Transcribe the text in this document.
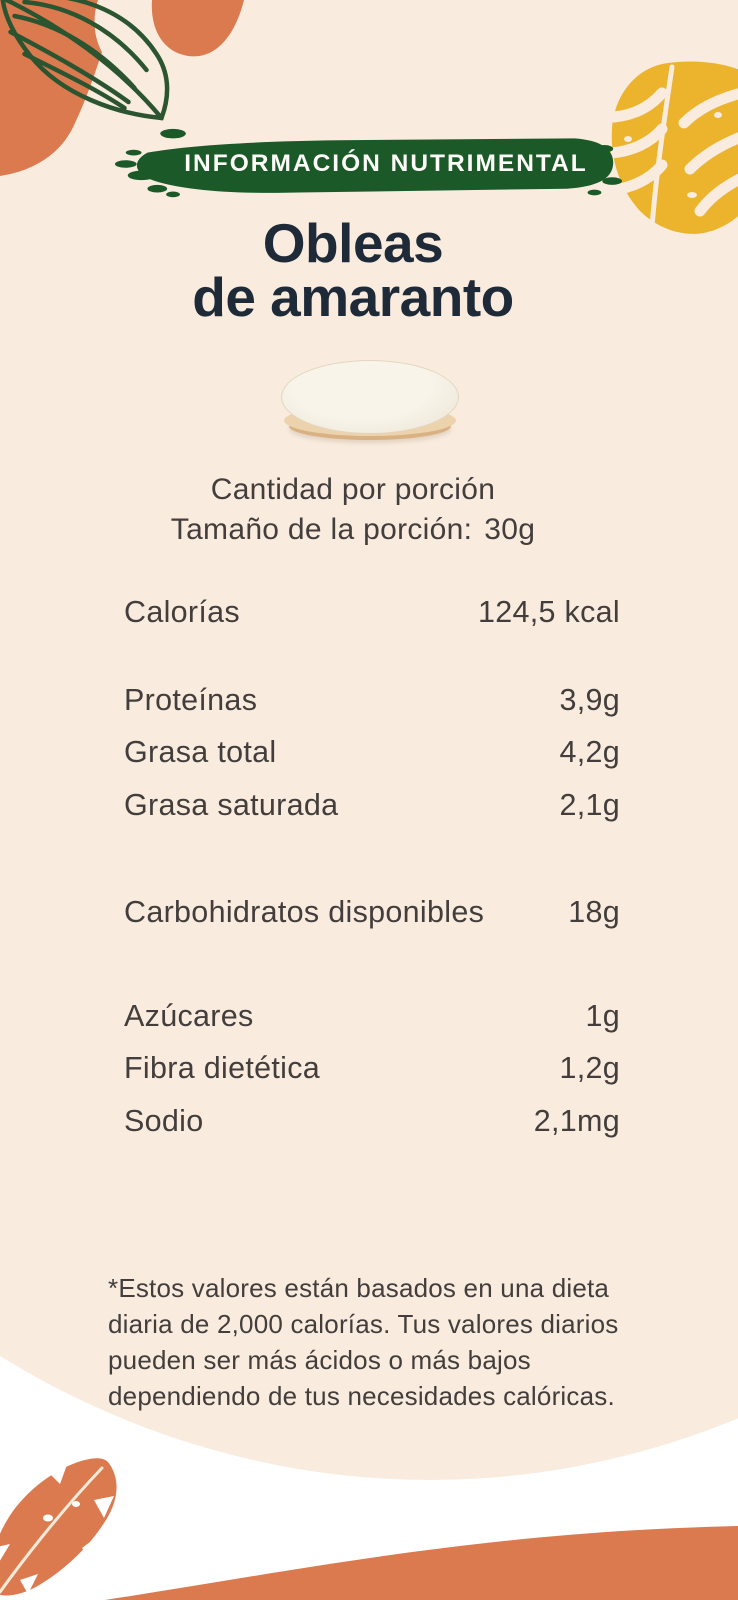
INFORMACIÓN NUTRIMENTAL
Obleas
de amaranto
Cantidad por porción
Tamaño de la porción: 30g
Calorías	124,5 kcal
Proteínas	3,9g
Grasa total	4,2g
Grasa saturada	2,1g
Carbohidratos disponibles	18g
Azúcares	1g
Fibra dietética	1,2g
Sodio	2,1mg
*Estos valores están basados en una dieta
diaria de 2,000 calorías. Tus valores diarios
pueden ser más ácidos o más bajos
dependiendo de tus necesidades calóricas.
